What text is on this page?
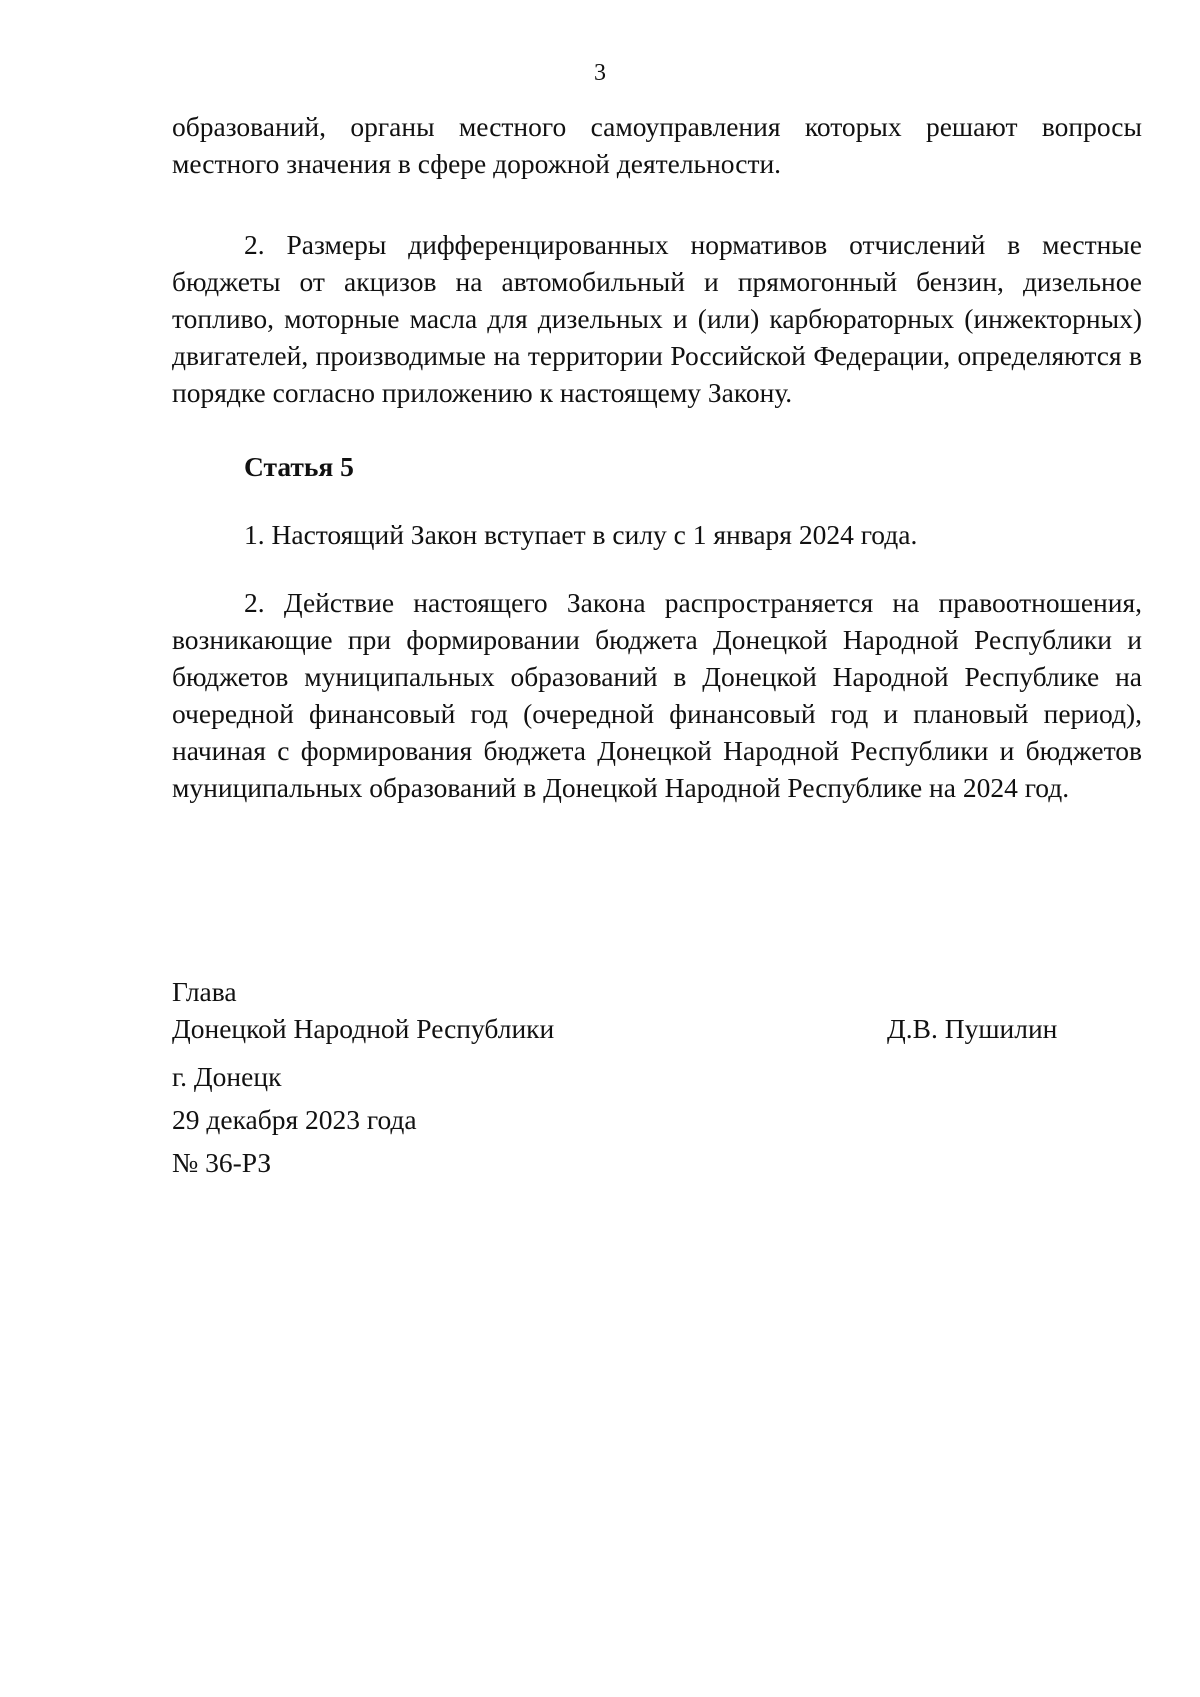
3

образований, органы местного самоуправления которых решают вопросы местного значения в сфере дорожной деятельности.

2. Размеры дифференцированных нормативов отчислений в местные бюджеты от акцизов на автомобильный и прямогонный бензин, дизельное топливо, моторные масла для дизельных и (или) карбюраторных (инжекторных) двигателей, производимые на территории Российской Федерации, определяются в порядке согласно приложению к настоящему Закону.

Статья 5

1. Настоящий Закон вступает в силу с 1 января 2024 года.

2. Действие настоящего Закона распространяется на правоотношения, возникающие при формировании бюджета Донецкой Народной Республики и бюджетов муниципальных образований в Донецкой Народной Республике на очередной финансовый год (очередной финансовый год и плановый период), начиная с формирования бюджета Донецкой Народной Республики и бюджетов муниципальных образований в Донецкой Народной Республике на 2024 год.

Глава
Донецкой Народной Республики	Д.В. Пушилин
г. Донецк
29 декабря 2023 года
№ 36-РЗ
